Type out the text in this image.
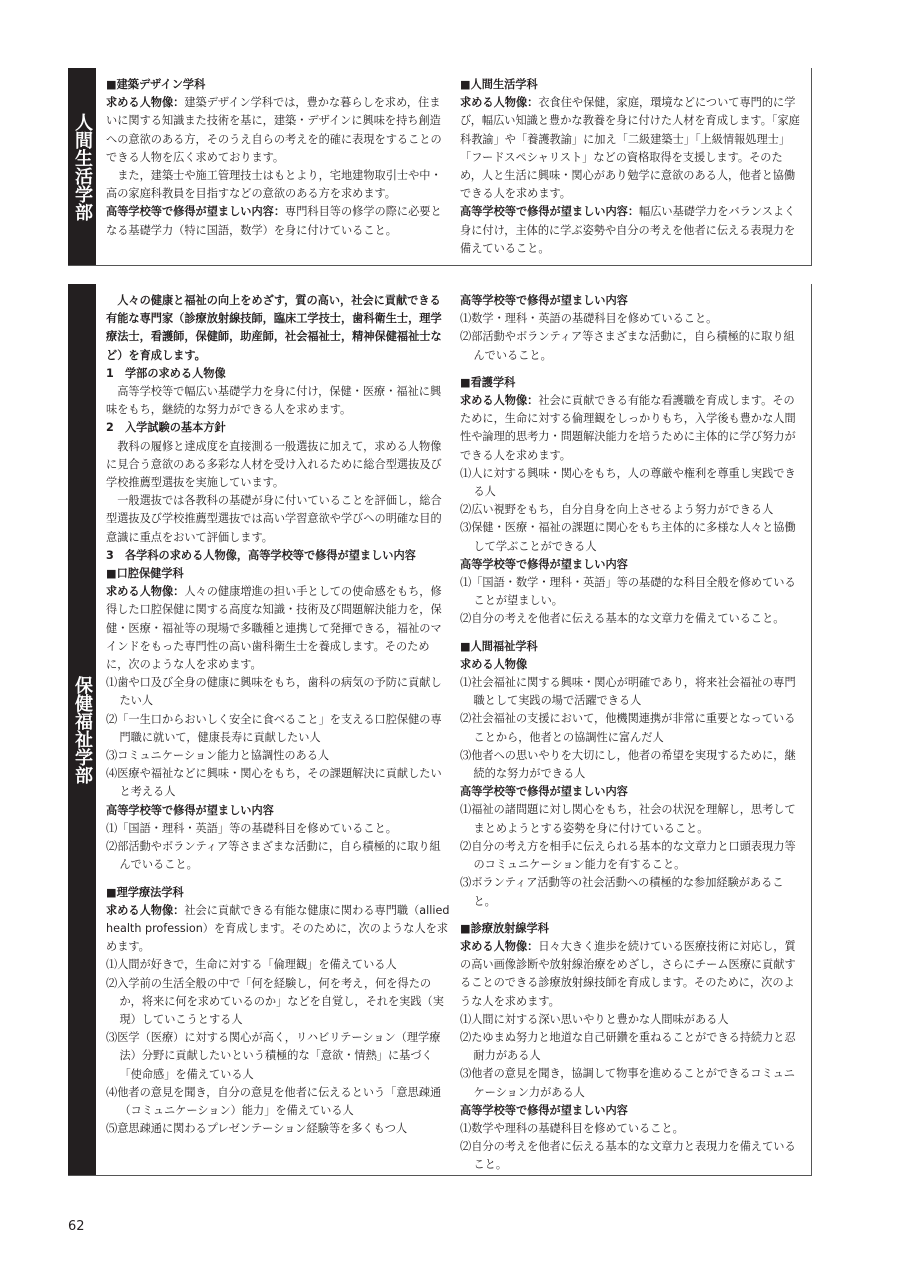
人間生活学部

■建築デザイン学科

求める人物像：建築デザイン学科では，豊かな暮らしを求め，住まいに関する知識また技術を基に，建築・デザインに興味を持ち創造への意欲のある方，そのうえ自らの考えを的確に表現をすることのできる人物を広く求めております。

また，建築士や施工管理技士はもとより，宅地建物取引士や中・高の家庭科教員を目指すなどの意欲のある方を求めます。

高等学校等で修得が望ましい内容：専門科目等の修学の際に必要となる基礎学力（特に国語，数学）を身に付けていること。

■人間生活学科

求める人物像：衣食住や保健，家庭，環境などについて専門的に学び，幅広い知識と豊かな教養を身に付けた人材を育成します。「家庭科教諭」や「養護教諭」に加え「二級建築士」「上級情報処理士」「フードスペシャリスト」などの資格取得を支援します。そのため，人と生活に興味・関心があり勉学に意欲のある人，他者と協働できる人を求めます。

高等学校等で修得が望ましい内容：幅広い基礎学力をバランスよく身に付け，主体的に学ぶ姿勢や自分の考えを他者に伝える表現力を備えていること。

保健福祉学部

人々の健康と福祉の向上をめざす，質の高い，社会に貢献できる有能な専門家（診療放射線技師，臨床工学技士，歯科衛生士，理学療法士，看護師，保健師，助産師，社会福祉士，精神保健福祉士など）を育成します。

1　学部の求める人物像

高等学校等で幅広い基礎学力を身に付け，保健・医療・福祉に興味をもち，継続的な努力ができる人を求めます。

2　入学試験の基本方針

教科の履修と達成度を直接測る一般選抜に加えて，求める人物像に見合う意欲のある多彩な人材を受け入れるために総合型選抜及び学校推薦型選抜を実施しています。

一般選抜では各教科の基礎が身に付いていることを評価し，総合型選抜及び学校推薦型選抜では高い学習意欲や学びへの明確な目的意識に重点をおいて評価します。

3　各学科の求める人物像，高等学校等で修得が望ましい内容

■口腔保健学科

求める人物像：人々の健康増進の担い手としての使命感をもち，修得した口腔保健に関する高度な知識・技術及び問題解決能力を，保健・医療・福祉等の現場で多職種と連携して発揮できる，福祉のマインドをもった専門性の高い歯科衛生士を養成します。そのために，次のような人を求めます。

⑴歯や口及び全身の健康に興味をもち，歯科の病気の予防に貢献したい人

⑵「一生口からおいしく安全に食べること」を支える口腔保健の専門職に就いて，健康長寿に貢献したい人

⑶コミュニケーション能力と協調性のある人

⑷医療や福祉などに興味・関心をもち，その課題解決に貢献したいと考える人

高等学校等で修得が望ましい内容

⑴「国語・理科・英語」等の基礎科目を修めていること。

⑵部活動やボランティア等さまざまな活動に，自ら積極的に取り組んでいること。

■理学療法学科

求める人物像：社会に貢献できる有能な健康に関わる専門職（allied health profession）を育成します。そのために，次のような人を求めます。

⑴人間が好きで，生命に対する「倫理観」を備えている人

⑵入学前の生活全般の中で「何を経験し，何を考え，何を得たのか，将来に何を求めているのか」などを自覚し，それを実践（実現）していこうとする人

⑶医学（医療）に対する関心が高く，リハビリテーション（理学療法）分野に貢献したいという積極的な「意欲・情熱」に基づく「使命感」を備えている人

⑷他者の意見を聞き，自分の意見を他者に伝えるという「意思疎通（コミュニケーション）能力」を備えている人

⑸意思疎通に関わるプレゼンテーション経験等を多くもつ人

高等学校等で修得が望ましい内容

⑴数学・理科・英語の基礎科目を修めていること。

⑵部活動やボランティア等さまざまな活動に，自ら積極的に取り組んでいること。

■看護学科

求める人物像：社会に貢献できる有能な看護職を育成します。そのために，生命に対する倫理観をしっかりもち，入学後も豊かな人間性や論理的思考力・問題解決能力を培うために主体的に学び努力ができる人を求めます。

⑴人に対する興味・関心をもち，人の尊厳や権利を尊重し実践できる人

⑵広い視野をもち，自分自身を向上させるよう努力ができる人

⑶保健・医療・福祉の課題に関心をもち主体的に多様な人々と協働して学ぶことができる人

高等学校等で修得が望ましい内容

⑴「国語・数学・理科・英語」等の基礎的な科目全般を修めていることが望ましい。

⑵自分の考えを他者に伝える基本的な文章力を備えていること。

■人間福祉学科

求める人物像

⑴社会福祉に関する興味・関心が明確であり，将来社会福祉の専門職として実践の場で活躍できる人

⑵社会福祉の支援において，他機関連携が非常に重要となっていることから，他者との協調性に富んだ人

⑶他者への思いやりを大切にし，他者の希望を実現するために，継続的な努力ができる人

高等学校等で修得が望ましい内容

⑴福祉の諸問題に対し関心をもち，社会の状況を理解し，思考してまとめようとする姿勢を身に付けていること。

⑵自分の考え方を相手に伝えられる基本的な文章力と口頭表現力等のコミュニケーション能力を有すること。

⑶ボランティア活動等の社会活動への積極的な参加経験があること。

■診療放射線学科

求める人物像：日々大きく進歩を続けている医療技術に対応し，質の高い画像診断や放射線治療をめざし，さらにチーム医療に貢献することのできる診療放射線技師を育成します。そのために，次のような人を求めます。

⑴人間に対する深い思いやりと豊かな人間味がある人

⑵たゆまぬ努力と地道な自己研鑽を重ねることができる持続力と忍耐力がある人

⑶他者の意見を聞き，協調して物事を進めることができるコミュニケーション力がある人

高等学校等で修得が望ましい内容

⑴数学や理科の基礎科目を修めていること。

⑵自分の考えを他者に伝える基本的な文章力と表現力を備えていること。

62
